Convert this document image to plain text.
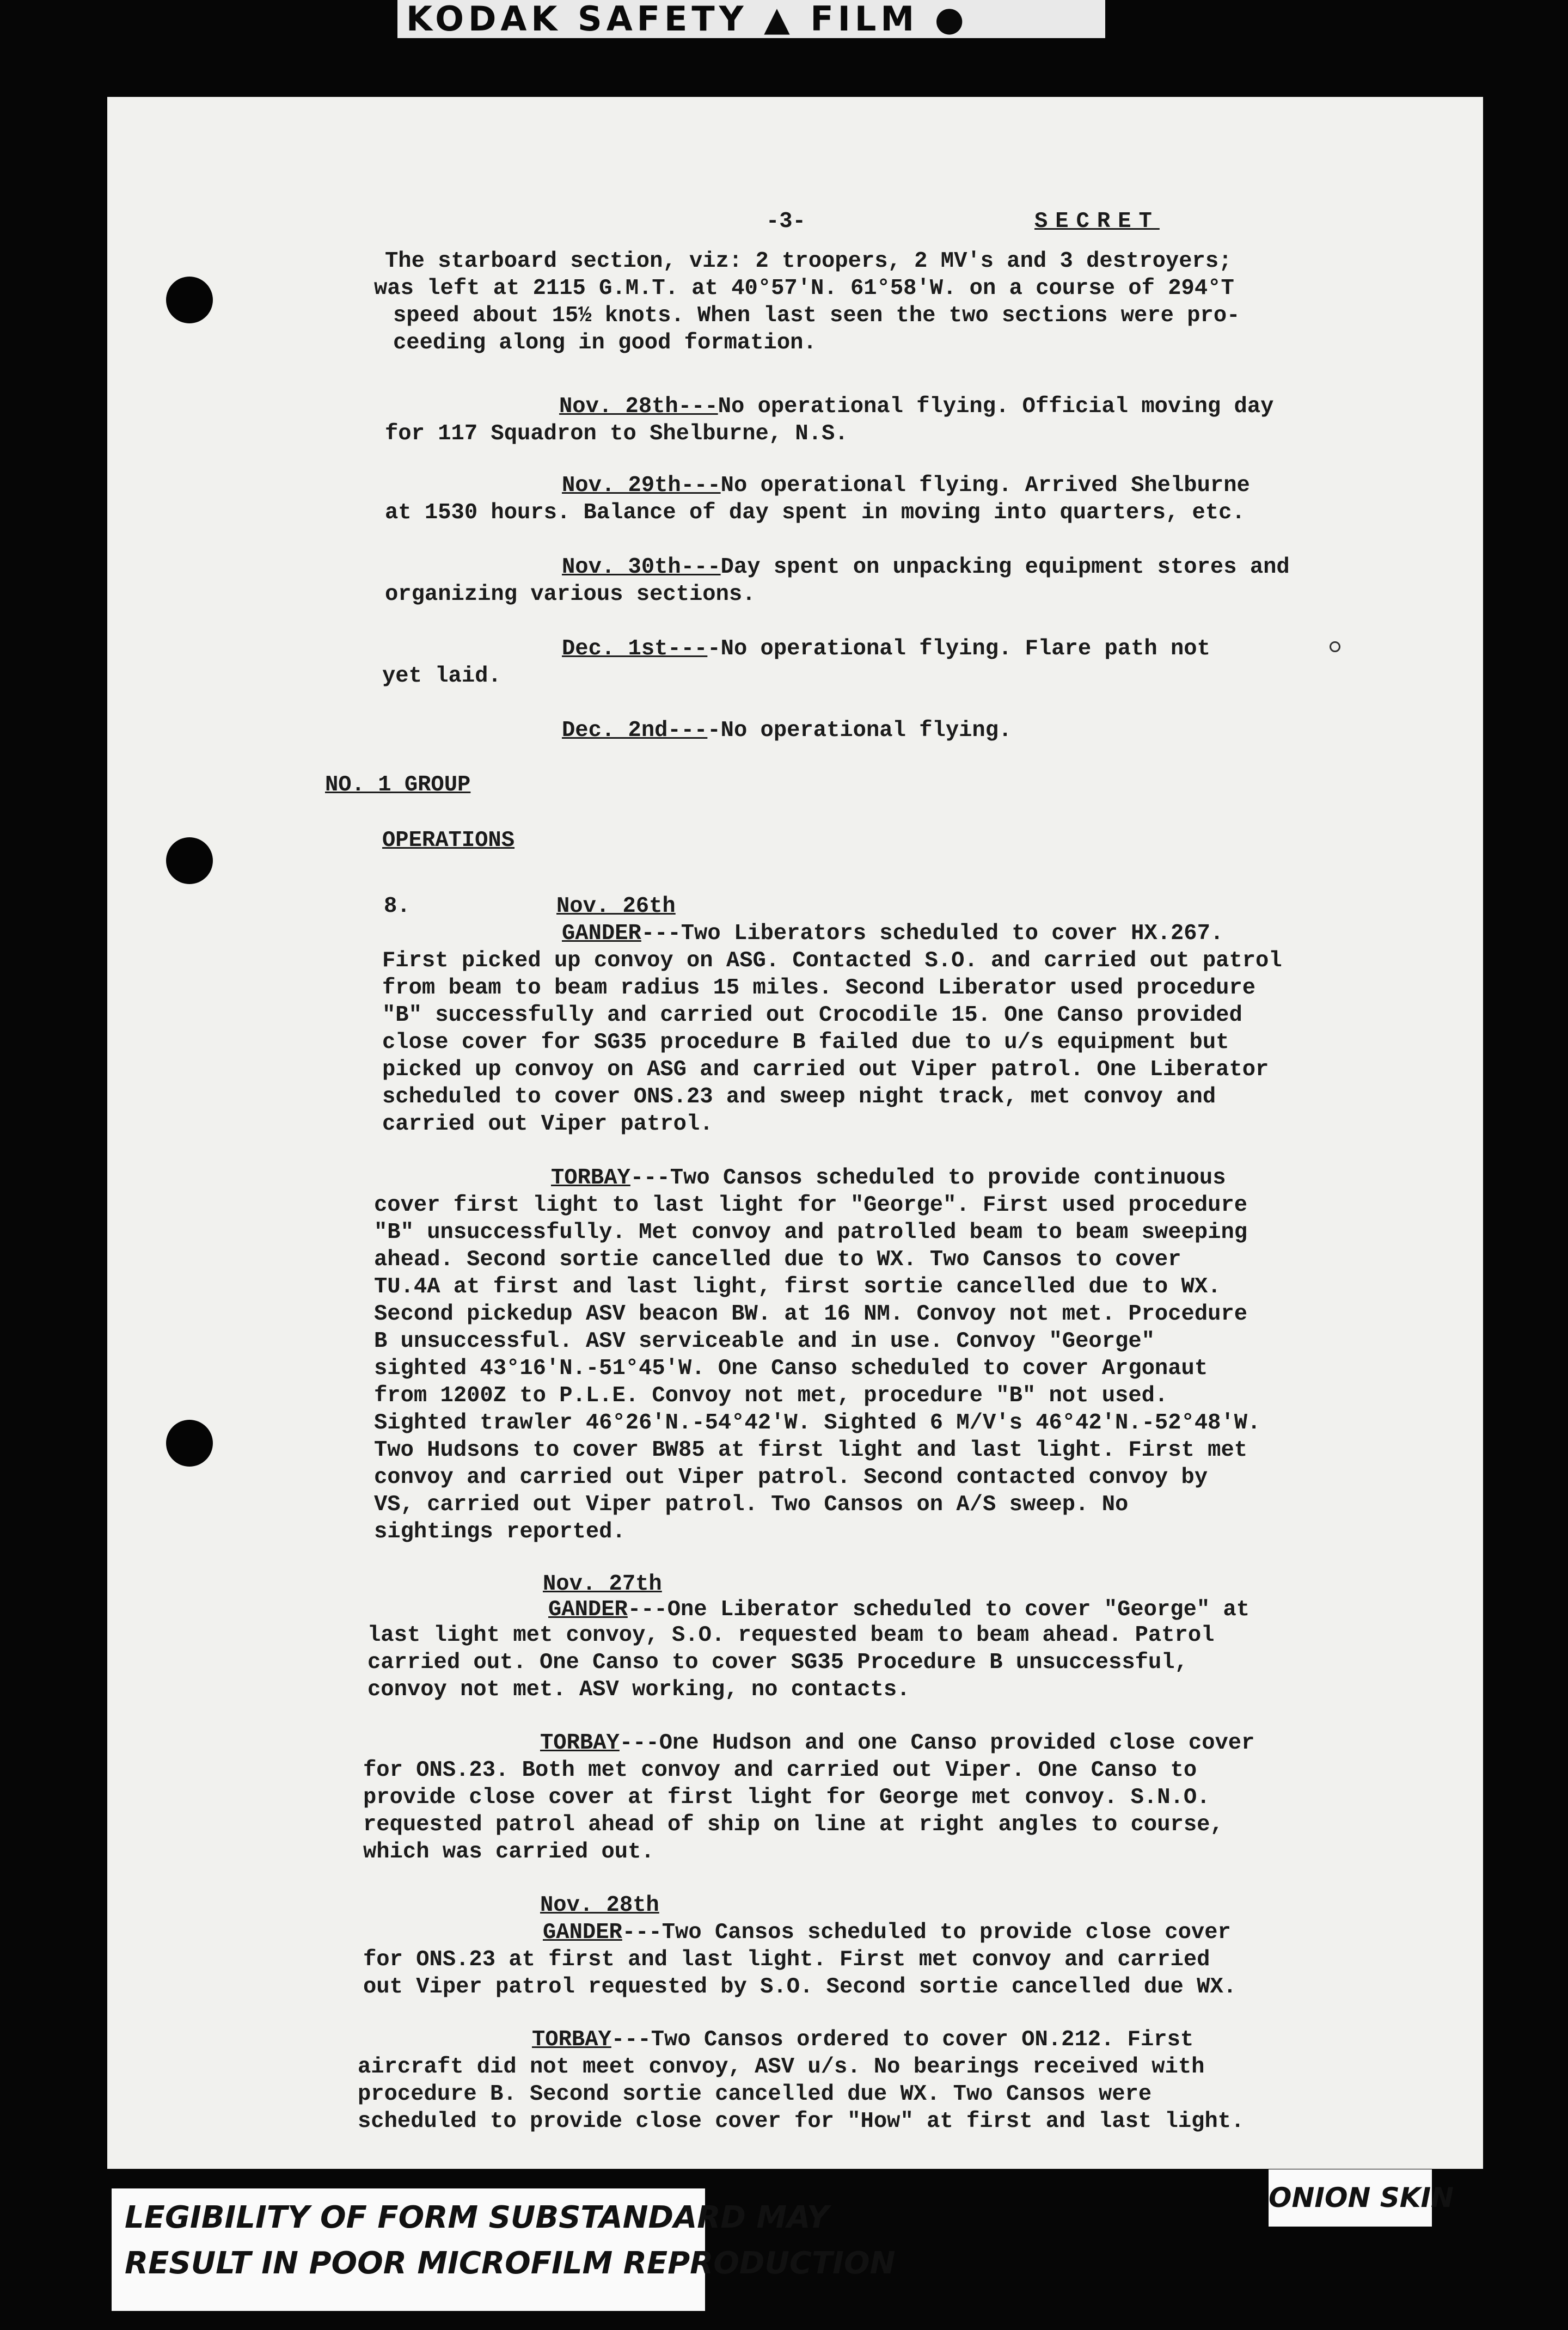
KODAK SAFETY ▲ FILM ●
-3-	SECRET
The starboard section, viz: 2 troopers, 2 MV's and 3 destroyers;
was left at 2115 G.M.T. at 40°57'N. 61°58'W. on a course of 294°T
speed about 15½ knots. When last seen the two sections were pro-
ceeding along in good formation.
Nov. 28th---No operational flying. Official moving day
for 117 Squadron to Shelburne, N.S.
Nov. 29th---No operational flying. Arrived Shelburne
at 1530 hours. Balance of day spent in moving into quarters, etc.
Nov. 30th---Day spent on unpacking equipment stores and
organizing various sections.
Dec. 1st----No operational flying. Flare path not
yet laid.
Dec. 2nd----No operational flying.
NO. 1 GROUP
OPERATIONS
8.	Nov. 26th
GANDER---Two Liberators scheduled to cover HX.267.
First picked up convoy on ASG. Contacted S.O. and carried out patrol
from beam to beam radius 15 miles. Second Liberator used procedure
"B" successfully and carried out Crocodile 15. One Canso provided
close cover for SG35 procedure B failed due to u/s equipment but
picked up convoy on ASG and carried out Viper patrol. One Liberator
scheduled to cover ONS.23 and sweep night track, met convoy and
carried out Viper patrol.
TORBAY---Two Cansos scheduled to provide continuous
cover first light to last light for "George". First used procedure
"B" unsuccessfully. Met convoy and patrolled beam to beam sweeping
ahead. Second sortie cancelled due to WX. Two Cansos to cover
TU.4A at first and last light, first sortie cancelled due to WX.
Second pickedup ASV beacon BW. at 16 NM. Convoy not met. Procedure
B unsuccessful. ASV serviceable and in use. Convoy "George"
sighted 43°16'N.-51°45'W. One Canso scheduled to cover Argonaut
from 1200Z to P.L.E. Convoy not met, procedure "B" not used.
Sighted trawler 46°26'N.-54°42'W. Sighted 6 M/V's 46°42'N.-52°48'W.
Two Hudsons to cover BW85 at first light and last light. First met
convoy and carried out Viper patrol. Second contacted convoy by
VS, carried out Viper patrol. Two Cansos on A/S sweep. No
sightings reported.
Nov. 27th
GANDER---One Liberator scheduled to cover "George" at
last light met convoy, S.O. requested beam to beam ahead. Patrol
carried out. One Canso to cover SG35 Procedure B unsuccessful,
convoy not met. ASV working, no contacts.
TORBAY---One Hudson and one Canso provided close cover
for ONS.23. Both met convoy and carried out Viper. One Canso to
provide close cover at first light for George met convoy. S.N.O.
requested patrol ahead of ship on line at right angles to course,
which was carried out.
Nov. 28th
GANDER---Two Cansos scheduled to provide close cover
for ONS.23 at first and last light. First met convoy and carried
out Viper patrol requested by S.O. Second sortie cancelled due WX.
TORBAY---Two Cansos ordered to cover ON.212. First
aircraft did not meet convoy, ASV u/s. No bearings received with
procedure B. Second sortie cancelled due WX. Two Cansos were
scheduled to provide close cover for "How" at first and last light.
LEGIBILITY OF FORM SUBSTANDARD MAY
RESULT IN POOR MICROFILM REPRODUCTION
ONION SKIN
